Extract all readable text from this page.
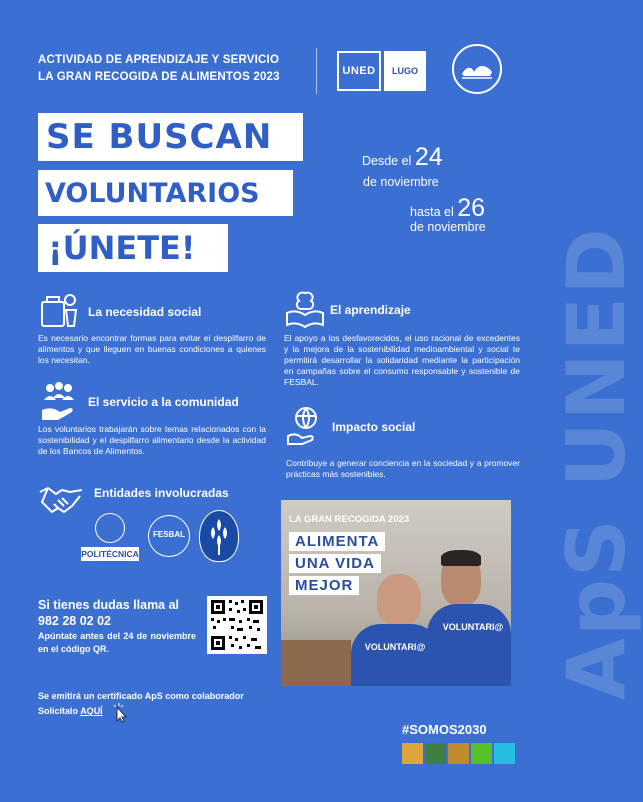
ApS UNED
ACTIVIDAD DE APRENDIZAJE Y SERVICIO
LA GRAN RECOGIDA DE ALIMENTOS 2023	UNED	LUGO
SE BUSCAN
VOLUNTARIOS
¡ÚNETE!
Desde el 24
de noviembre
hasta el 26
de noviembre
La necesidad social
Es necesario encontrar formas para evitar el despilfarro de alimentos y que lleguen en buenas condiciones a quienes los necesitan.
El servicio a la comunidad
Los voluntarios trabajarán sobre temas relacionados con la sostenibilidad y el despilfarro alimentario desde la actividad de los Bancos de Alimentos.
El aprendizaje
El apoyo a los desfavorecidos, el uso racional de excedentes y la mejora de la sostenibilidad medioambiental y social te permitirá desarrollar la solidaridad mediante la participación en campañas sobre el consumo responsable y sostenible de FESBAL.
Impacto social
Contribuye a generar conciencia en la sociedad y a promover prácticas más sostenibles.
Entidades involucradas
POLITÉCNICA
FESBAL
LA GRAN RECOGIDA 2023
ALIMENTA
UNA VIDA
MEJOR
VOLUNTARI@
VOLUNTARI@
Si tienes dudas llama al
982 28 02 02
Apúntate antes del 24 de noviembre en el código QR.
Se emitirá un certificado ApS como colaborador
Solicítalo AQUÍ
#SOMOS2030
